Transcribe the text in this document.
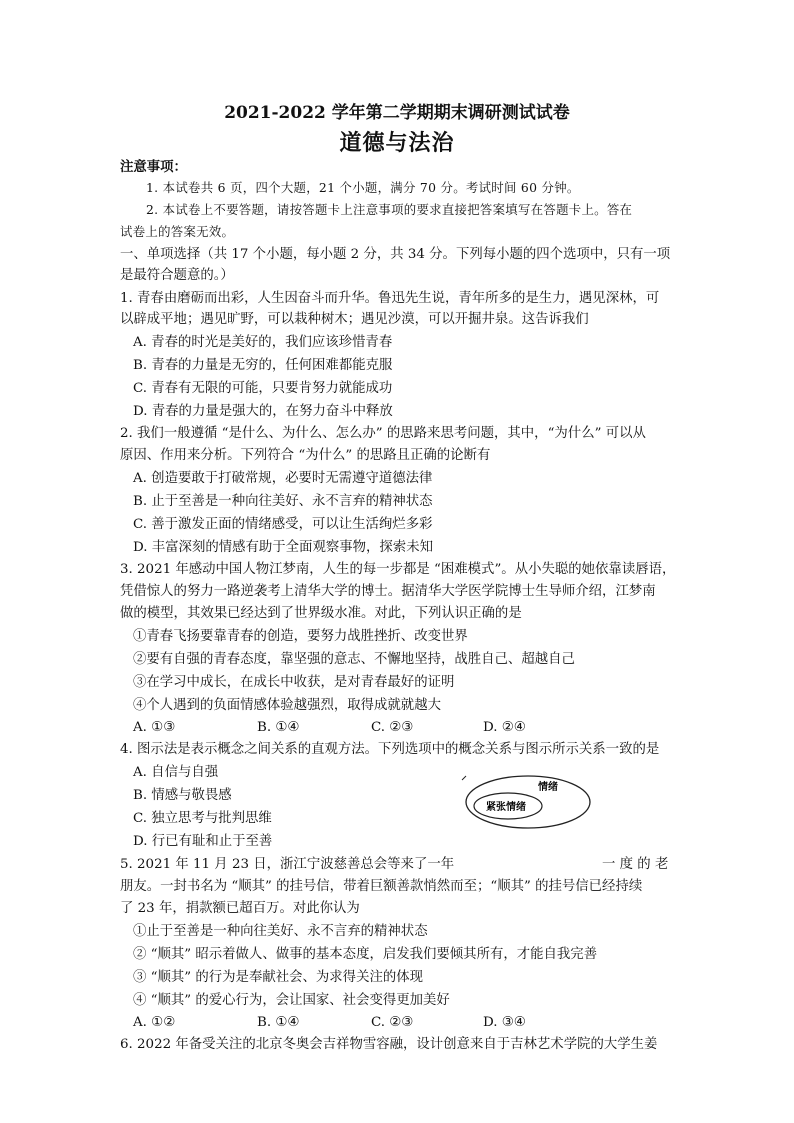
2021-2022 学年第二学期期末调研测试试卷
道德与法治
注意事项：
1. 本试卷共 6 页，四个大题，21 个小题，满分 70 分。考试时间 60 分钟。
2. 本试卷上不要答题，请按答题卡上注意事项的要求直接把答案填写在答题卡上。答在
试卷上的答案无效。
一、单项选择（共 17 个小题，每小题 2 分，共 34 分。下列每小题的四个选项中，只有一项
是最符合题意的。）
1. 青春由磨砺而出彩，人生因奋斗而升华。鲁迅先生说，青年所多的是生力，遇见深林，可
以辟成平地；遇见旷野，可以栽种树木；遇见沙漠，可以开掘井泉。这告诉我们
A. 青春的时光是美好的，我们应该珍惜青春
B. 青春的力量是无穷的，任何困难都能克服
C. 青春有无限的可能，只要肯努力就能成功
D. 青春的力量是强大的，在努力奋斗中释放
2. 我们一般遵循 “是什么、为什么、怎么办” 的思路来思考问题，其中，“为什么” 可以从
原因、作用来分析。下列符合 “为什么” 的思路且正确的论断有
A. 创造要敢于打破常规，必要时无需遵守道德法律
B. 止于至善是一种向往美好、永不言弃的精神状态
C. 善于激发正面的情绪感受，可以让生活绚烂多彩
D. 丰富深刻的情感有助于全面观察事物，探索未知
3. 2021 年感动中国人物江梦南，人生的每一步都是 “困难模式”。从小失聪的她依靠读唇语，
凭借惊人的努力一路逆袭考上清华大学的博士。据清华大学医学院博士生导师介绍，江梦南
做的模型，其效果已经达到了世界级水准。对此，下列认识正确的是
①青春飞扬要靠青春的创造，要努力战胜挫折、改变世界
②要有自强的青春态度，靠坚强的意志、不懈地坚持，战胜自己、超越自己
③在学习中成长，在成长中收获，是对青春最好的证明
④个人遇到的负面情感体验越强烈，取得成就就越大
A. ①③	B. ①④	C. ②③	D. ②④
4. 图示法是表示概念之间关系的直观方法。下列选项中的概念关系与图示所示关系一致的是
A. 自信与自强
B. 情感与敬畏感
C. 独立思考与批判思维
D. 行已有耻和止于至善
情绪
紧张情绪
5. 2021 年 11 月 23 日，浙江宁波慈善总会等来了一年	一 度 的 老
朋友。一封书名为 “顺其” 的挂号信，带着巨额善款悄然而至；“顺其” 的挂号信已经持续
了 23 年，捐款额已超百万。对此你认为
①止于至善是一种向往美好、永不言弃的精神状态
② “顺其” 昭示着做人、做事的基本态度，启发我们要倾其所有，才能自我完善
③ “顺其” 的行为是奉献社会、为求得关注的体现
④ “顺其” 的爱心行为，会让国家、社会变得更加美好
A. ①②	B. ①④	C. ②③	D. ③④
6. 2022 年备受关注的北京冬奥会吉祥物雪容融，设计创意来自于吉林艺术学院的大学生姜
